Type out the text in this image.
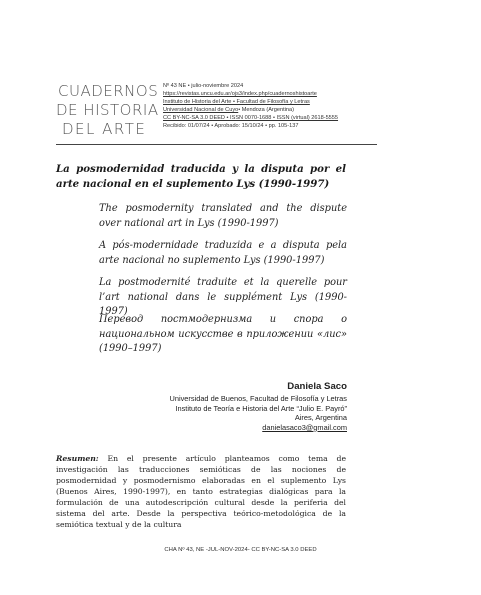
CUADERNOS
DE HISTORIA
DEL ARTE
Nº 43 NE • julio-noviembre 2024
https://revistas.uncu.edu.ar/ojs3/index.php/cuadernoshistoarte
Instituto de Historia del Arte • Facultad de Filosofía y Letras
Universidad Nacional de Cuyo• Mendoza (Argentina)
CC BY-NC-SA 3.0 DEED • ISSN 0070-1688 • ISSN (virtual) 2618-5555
Recibido: 01/07/24 • Aprobado: 15/10/24 • pp. 105-137
La posmodernidad traducida y la disputa por el arte nacional en el suplemento Lys (1990-1997)
The posmodernity translated and the dispute over national art in Lys (1990-1997)
A pós-modernidade traduzida e a disputa pela arte nacional no suplemento Lys (1990-1997)
La postmodernité traduite et la querelle pour l’art national dans le supplément Lys (1990-1997)
Перевод постмодернизма и спора о национальном искусстве в приложении «лис» (1990–1997)
Daniela Saco
Universidad de Buenos, Facultad de Filosofía y Letras
Instituto de Teoría e Historia del Arte “Julio E. Payró”
Aires, Argentina
danielasaco3@gmail.com
Resumen: En el presente artículo planteamos como tema de investigación las traducciones semióticas de las nociones de posmodernidad y posmodernismo elaboradas en el suplemento Lys (Buenos Aires, 1990-1997), en tanto estrategias dialógicas para la formulación de una autodescripción cultural desde la periferia del sistema del arte. Desde la perspectiva teórico-metodológica de la semiótica textual y de la cultura
CHA Nº 43, NE -JUL-NOV-2024- CC BY-NC-SA 3.0 DEED
